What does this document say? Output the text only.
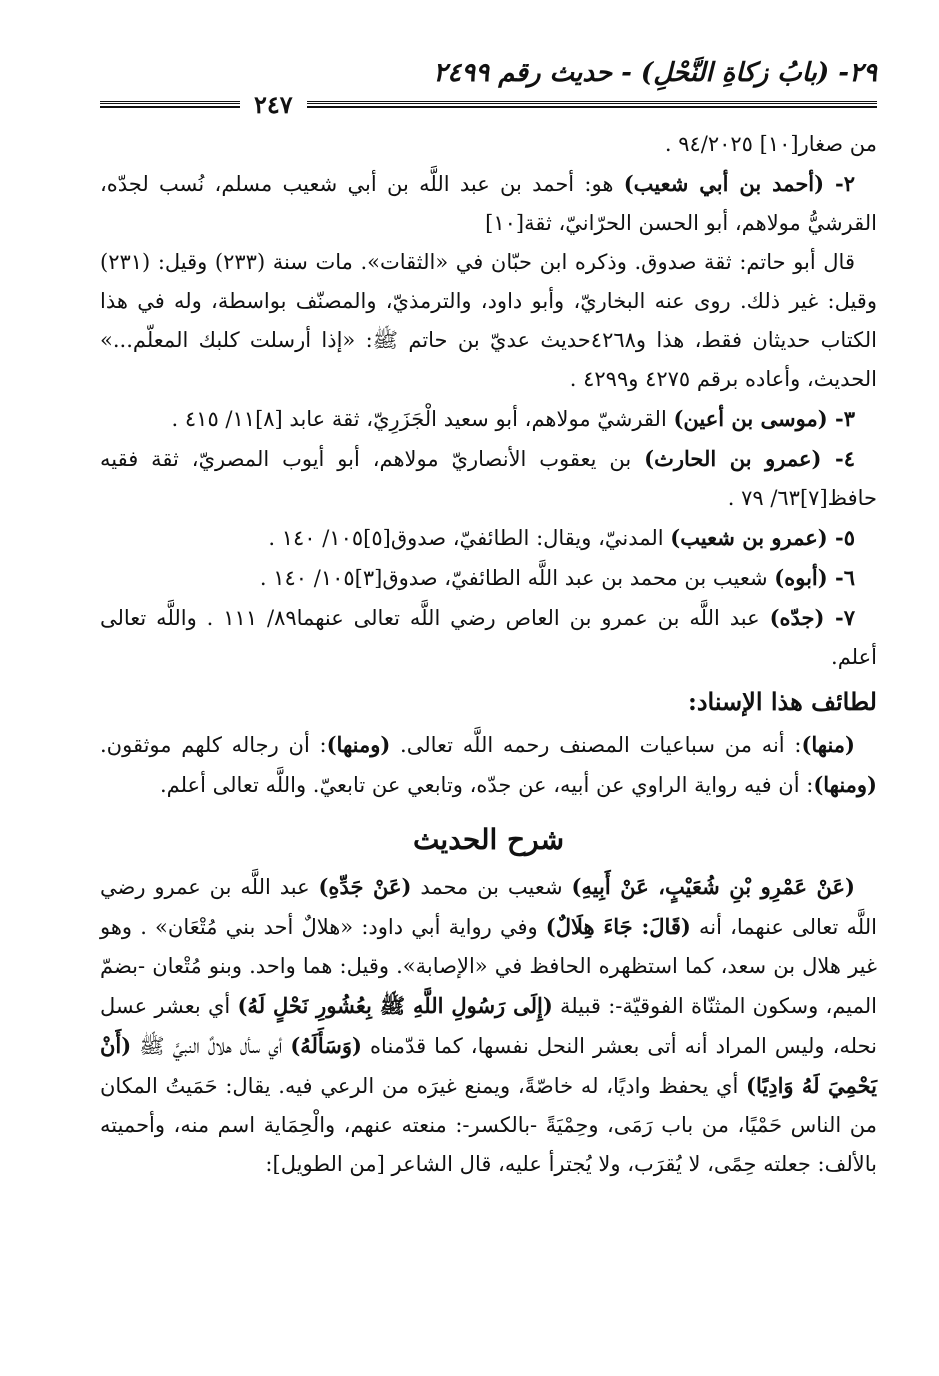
٢٩- (بابُ زكاةِ النَّحْلِ) - حديث رقم ٢٤٩٩
٢٤٧

من صغار[١٠] ٩٤/٢٠٢٥ .

٢- (أحمد بن أبي شعيب) هو: أحمد بن عبد اللَّه بن أبي شعيب مسلم، نُسب لجدّه، القرشيُّ مولاهم، أبو الحسن الحرّانيّ، ثقة[١٠]

قال أبو حاتم: ثقة صدوق. وذكره ابن حبّان في «الثقات». مات سنة (٢٣٣) وقيل: (٢٣١) وقيل: غير ذلك. روى عنه البخاريّ، وأبو داود، والترمذيّ، والمصنّف بواسطة، وله في هذا الكتاب حديثان فقط، هذا و٤٢٦٨حديث عديّ بن حاتم ﷺ: «إذا أرسلت كلبك المعلّم...» الحديث، وأعاده برقم ٤٢٧٥ و٤٢٩٩ .

٣- (موسى بن أعين) القرشيّ مولاهم، أبو سعيد الْجَزَرِيّ، ثقة عابد [٨]١١/ ٤١٥ .

٤- (عمرو بن الحارث) بن يعقوب الأنصاريّ مولاهم، أبو أيوب المصريّ، ثقة فقيه حافظ[٧]٦٣/ ٧٩ .

٥- (عمرو بن شعيب) المدنيّ، ويقال: الطائفيّ، صدوق[٥]١٠٥/ ١٤٠ .

٦- (أبوه) شعيب بن محمد بن عبد اللَّه الطائفيّ، صدوق[٣]١٠٥/ ١٤٠ .

٧- (جدّه) عبد اللَّه بن عمرو بن العاص رضي اللَّه تعالى عنهما٨٩/ ١١١ . واللَّه تعالى أعلم.

لطائف هذا الإسناد:

(منها): أنه من سباعيات المصنف رحمه اللَّه تعالى. (ومنها): أن رجاله كلهم موثقون. (ومنها): أن فيه رواية الراوي عن أبيه، عن جدّه، وتابعي عن تابعيّ. واللَّه تعالى أعلم.

شرح الحديث

(عَنْ عَمْرِو بْنِ شُعَيْبٍ، عَنْ أَبِيهِ) شعيب بن محمد (عَنْ جَدِّهِ) عبد اللَّه بن عمرو رضي اللَّه تعالى عنهما، أنه (قَالَ: جَاءَ هِلَالٌ) وفي رواية أبي داود: «هلالٌ أحد بني مُتْعَان» . وهو غير هلال بن سعد، كما استظهره الحافظ في «الإصابة». وقيل: هما واحد. وبنو مُتْعان -بضمّ الميم، وسكون المثنّاة الفوقيّة-: قبيلة (إِلَى رَسُولِ اللَّهِ ﷺ بِعُشُورِ نَحْلٍ لَهُ) أي بعشر عسل نحله، وليس المراد أنه أتى بعشر النحل نفسها، كما قدّمناه (وَسَأَلَهُ) أي سأل هلالٌ النبيَّ ﷺ (أَنْ يَحْمِيَ لَهُ وَادِيًا) أي يحفظ واديًا، له خاصّةً، ويمنع غيرَه من الرعي فيه. يقال: حَمَيتُ المكان من الناس حَمْيًا، من باب رَمَى، وحِمْيَةً -بالكسر-: منعته عنهم، والْحِمَاية اسم منه، وأحميته بالألف: جعلته حِمًى، لا يُقرَب، ولا يُجترأ عليه، قال الشاعر [من الطويل]:
